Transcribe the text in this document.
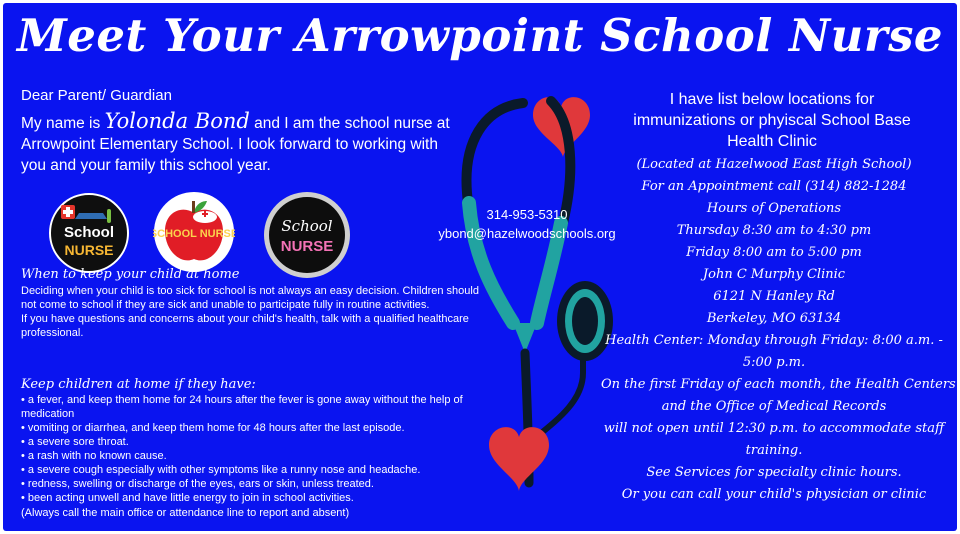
Meet Your Arrowpoint School Nurse
Dear Parent/ Guardian
My name is Yolonda Bond and I am the school nurse at Arrowpoint Elementary School. I look forward to working with you and your family this school year.
School
NURSE
SCHOOL NURSE	School
NURSE
314-953-5310
ybond@hazelwoodschools.org
When to keep your child at home

Deciding when your child is too sick for school is not always an easy decision. Children should not come to school if they are sick and unable to participate fully in routine activities.

If you have questions and concerns about your child's health, talk with a qualified healthcare professional.

Keep children at home if they have:
• a fever, and keep them home for 24 hours after the fever is gone away without the help of medication
• vomiting or diarrhea, and keep them home for 48 hours after the last episode.
• a severe sore throat.
• a rash with no known cause.
• a severe cough especially with other symptoms like a runny nose and headache.
• redness, swelling or discharge of the eyes, ears or skin, unless treated.
• been acting unwell and have little energy to join in school activities.
(Always call the main office or attendance line to report and absent)
I have list below locations for immunizations or phyiscal School Base Health Clinic
(Located at Hazelwood East High School)
For an Appointment call (314) 882-1284
Hours of Operations
Thursday 8:30 am to 4:30 pm
Friday 8:00 am to 5:00 pm
John C Murphy Clinic
6121 N Hanley Rd
Berkeley, MO 63134
Health Center: Monday through Friday: 8:00 a.m. -
5:00 p.m.
On the first Friday of each month, the Health Centers
and the Office of Medical Records
will not open until 12:30 p.m. to accommodate staff
training.
See Services for specialty clinic hours.
Or you can call your child's physician or clinic
